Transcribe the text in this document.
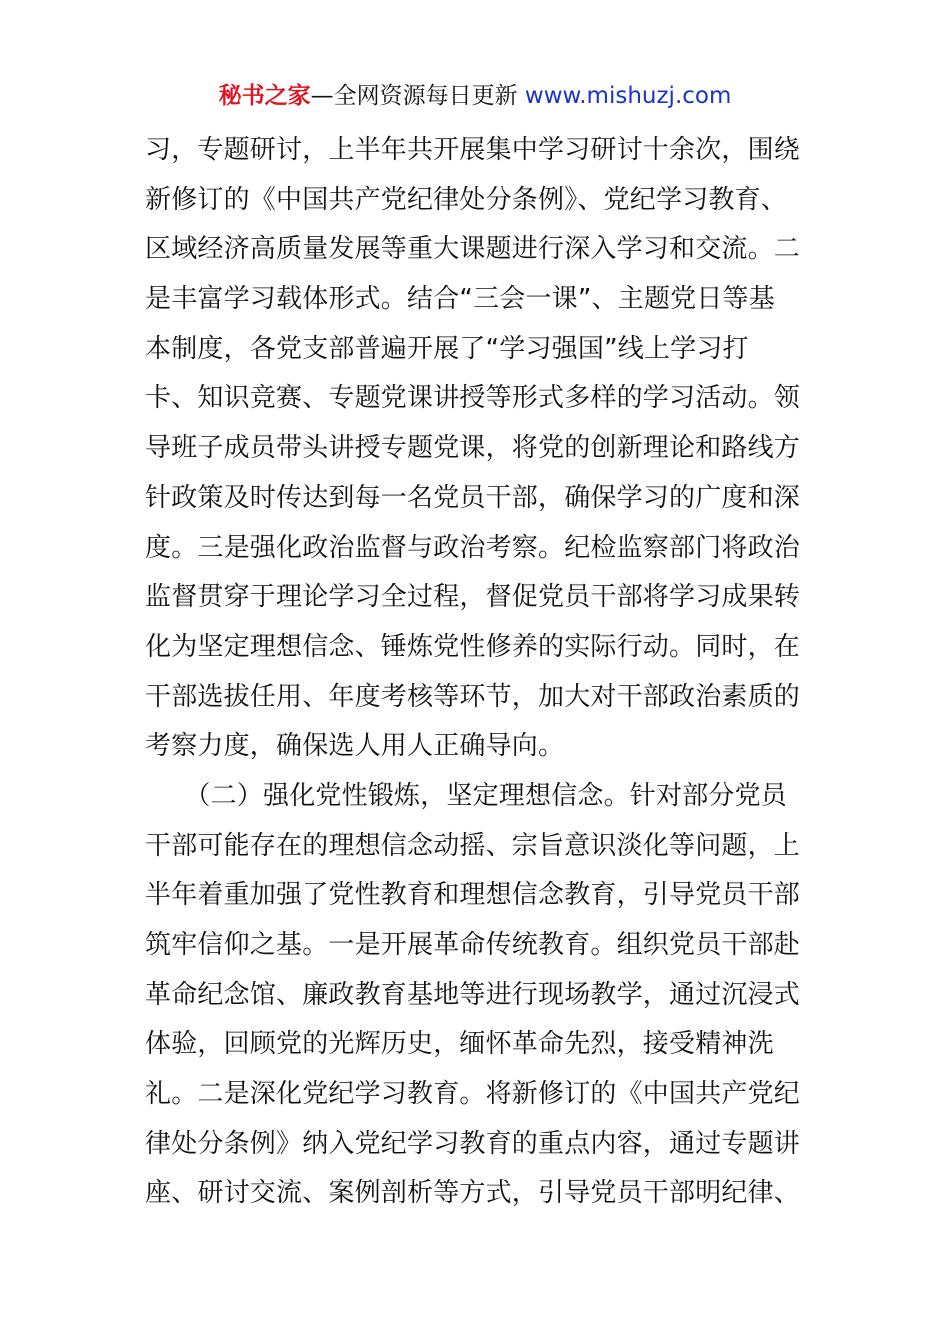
秘书之家—全网资源每日更新 www.mishuzj.com
习，专题研讨，上半年共开展集中学习研讨十余次，围绕
新修订的《中国共产党纪律处分条例》、党纪学习教育、
区域经济高质量发展等重大课题进行深入学习和交流。二
是丰富学习载体形式。结合“三会一课”、主题党日等基
本制度，各党支部普遍开展了“学习强国”线上学习打
卡、知识竞赛、专题党课讲授等形式多样的学习活动。领
导班子成员带头讲授专题党课，将党的创新理论和路线方
针政策及时传达到每一名党员干部，确保学习的广度和深
度。三是强化政治监督与政治考察。纪检监察部门将政治
监督贯穿于理论学习全过程，督促党员干部将学习成果转
化为坚定理想信念、锤炼党性修养的实际行动。同时，在
干部选拔任用、年度考核等环节，加大对干部政治素质的
考察力度，确保选人用人正确导向。
　　（二）强化党性锻炼，坚定理想信念。针对部分党员
干部可能存在的理想信念动摇、宗旨意识淡化等问题，上
半年着重加强了党性教育和理想信念教育，引导党员干部
筑牢信仰之基。一是开展革命传统教育。组织党员干部赴
革命纪念馆、廉政教育基地等进行现场教学，通过沉浸式
体验，回顾党的光辉历史，缅怀革命先烈，接受精神洗
礼。二是深化党纪学习教育。将新修订的《中国共产党纪
律处分条例》纳入党纪学习教育的重点内容，通过专题讲
座、研讨交流、案例剖析等方式，引导党员干部明纪律、
